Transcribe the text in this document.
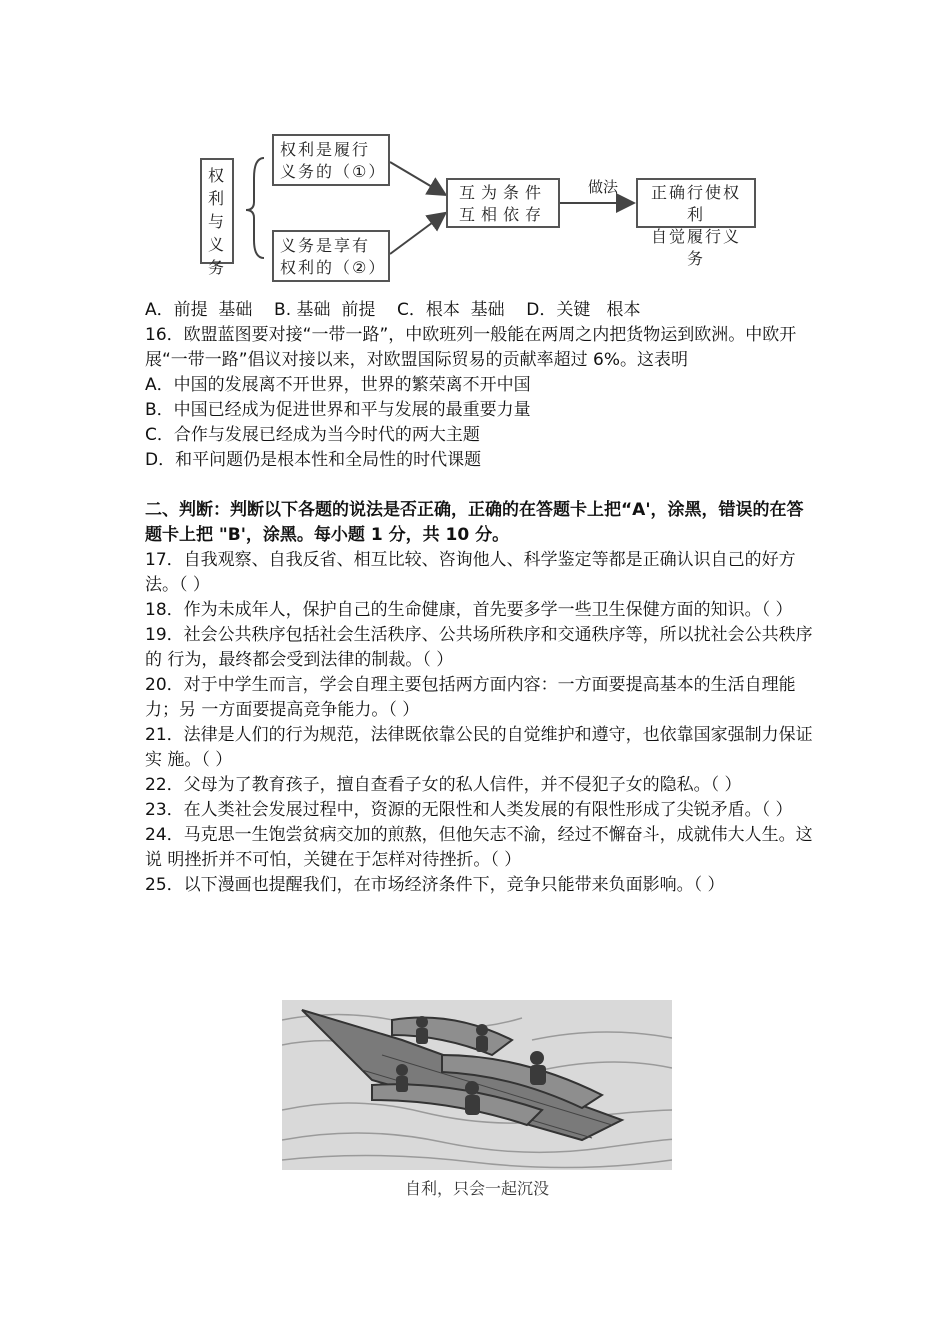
权
利
与
义
务
权利是履行
义务的（①）
义务是享有
权利的（②）
互为条件
互相依存
做法	正确行使权利
自觉履行义务

A．前提  基础    B. 基础  前提    C．根本  基础    D．关键   根本

16．欧盟蓝图要对接“一带一路”，中欧班列一般能在两周之内把货物运到欧洲。中欧开展“一带一路”倡议对接以来，对欧盟国际贸易的贡献率超过 6%。这表明

A．中国的发展离不开世界，世界的繁荣离不开中国

B．中国已经成为促进世界和平与发展的最重要力量

C．合作与发展已经成为当今时代的两大主题

D．和平问题仍是根本性和全局性的时代课题

二、判断：判断以下各题的说法是否正确，正确的在答题卡上把“A'，涂黑，错误的在答题卡上把 "B'，涂黑。每小题 1 分，共 10 分。

17．自我观察、自我反省、相互比较、咨询他人、科学鉴定等都是正确认识自己的好方法。（ ）

18．作为未成年人，保护自己的生命健康，首先要多学一些卫生保健方面的知识。（ ）

19．社会公共秩序包括社会生活秩序、公共场所秩序和交通秩序等，所以扰社会公共秩序的 行为，最终都会受到法律的制裁。（ ）

20．对于中学生而言，学会自理主要包括两方面内容：一方面要提高基本的生活自理能力；另 一方面要提高竞争能力。（ ）

21．法律是人们的行为规范，法律既依靠公民的自觉维护和遵守，也依靠国家强制力保证实 施。（ ）

22．父母为了教育孩子，擅自查看子女的私人信件，并不侵犯子女的隐私。（ ）

23．在人类社会发展过程中，资源的无限性和人类发展的有限性形成了尖锐矛盾。（ ）

24．马克思一生饱尝贫病交加的煎熬，但他矢志不渝，经过不懈奋斗，成就伟大人生。这说 明挫折并不可怕，关键在于怎样对待挫折。（ ）

25．以下漫画也提醒我们，在市场经济条件下，竞争只能带来负面影响。（ ）

自利，只会一起沉没
